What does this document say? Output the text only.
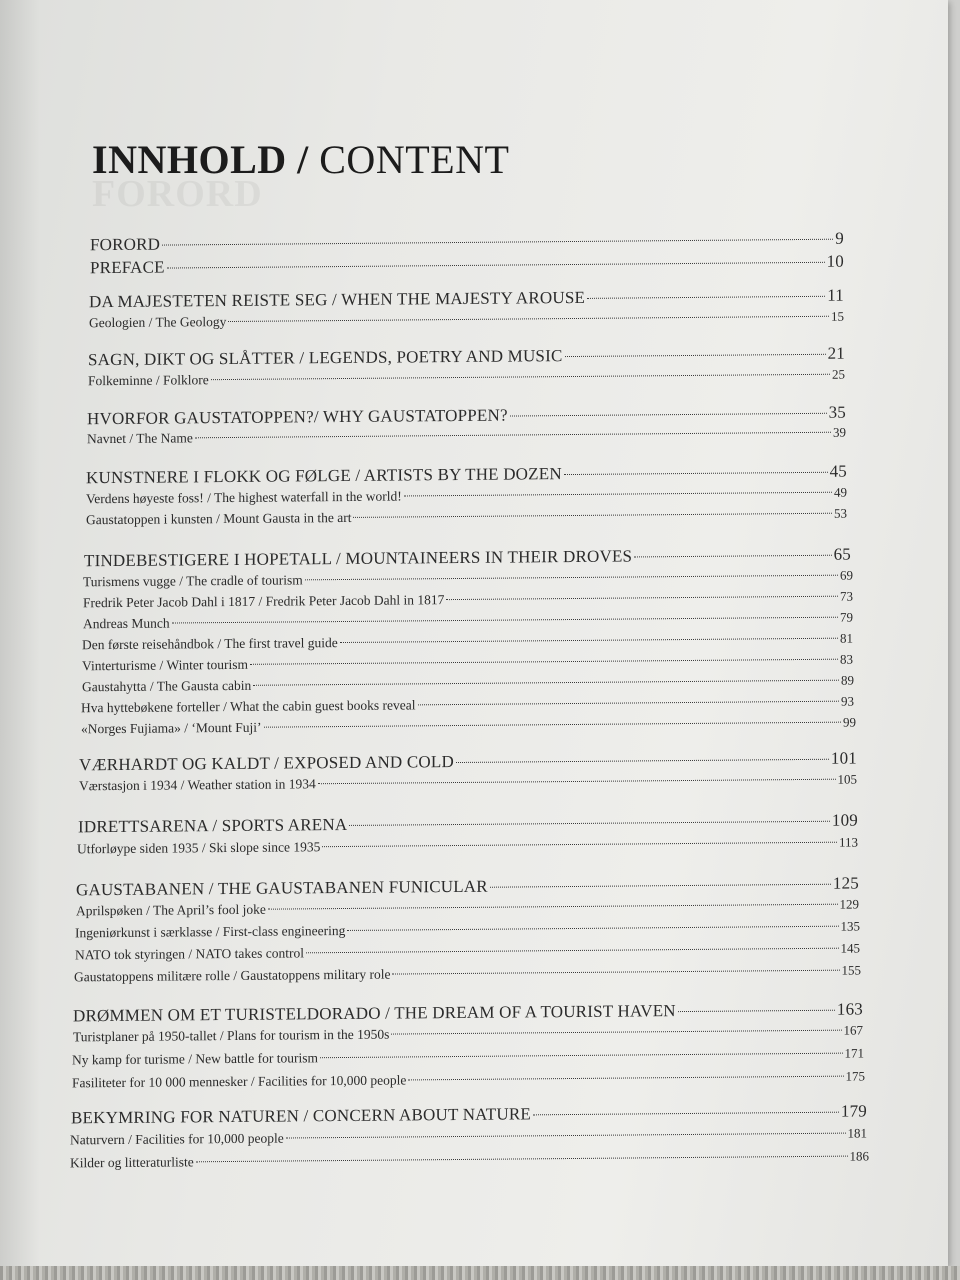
FORORD
INNHOLD / CONTENT
FORORD	9
PREFACE	10
DA MAJESTETEN REISTE SEG / WHEN THE MAJESTY AROUSE	11
Geologien / The Geology	15
SAGN, DIKT OG SLÅTTER / LEGENDS, POETRY AND MUSIC	21
Folkeminne / Folklore	25
HVORFOR GAUSTATOPPEN?/ WHY GAUSTATOPPEN?	35
Navnet / The Name	39
KUNSTNERE I FLOKK OG FØLGE / ARTISTS BY THE DOZEN	45
Verdens høyeste foss! / The highest waterfall in the world!	49
Gaustatoppen i kunsten / Mount Gausta in the art	53
TINDEBESTIGERE I HOPETALL / MOUNTAINEERS IN THEIR DROVES	65
Turismens vugge / The cradle of tourism	69
Fredrik Peter Jacob Dahl i 1817 / Fredrik Peter Jacob Dahl in 1817	73
Andreas Munch	79
Den første reisehåndbok / The first travel guide	81
Vinterturisme / Winter tourism	83
Gaustahytta / The Gausta cabin	89
Hva hyttebøkene forteller / What the cabin guest books reveal	93
«Norges Fujiama» / ‘Mount Fuji’	99
VÆRHARDT OG KALDT / EXPOSED AND COLD	101
Værstasjon i 1934 / Weather station in 1934	105
IDRETTSARENA / SPORTS ARENA	109
Utforløype siden 1935 / Ski slope since 1935	113
GAUSTABANEN / THE GAUSTABANEN FUNICULAR	125
Aprilspøken / The April’s fool joke	129
Ingeniørkunst i særklasse / First-class engineering	135
NATO tok styringen / NATO takes control	145
Gaustatoppens militære rolle / Gaustatoppens military role	155
DRØMMEN OM ET TURISTELDORADO / THE DREAM OF A TOURIST HAVEN	163
Turistplaner på 1950-tallet / Plans for tourism in the 1950s	167
Ny kamp for turisme / New battle for tourism	171
Fasiliteter for 10 000 mennesker / Facilities for 10,000 people	175
BEKYMRING FOR NATUREN / CONCERN ABOUT NATURE	179
Naturvern / Facilities for 10,000 people	181
Kilder og litteraturliste	186
